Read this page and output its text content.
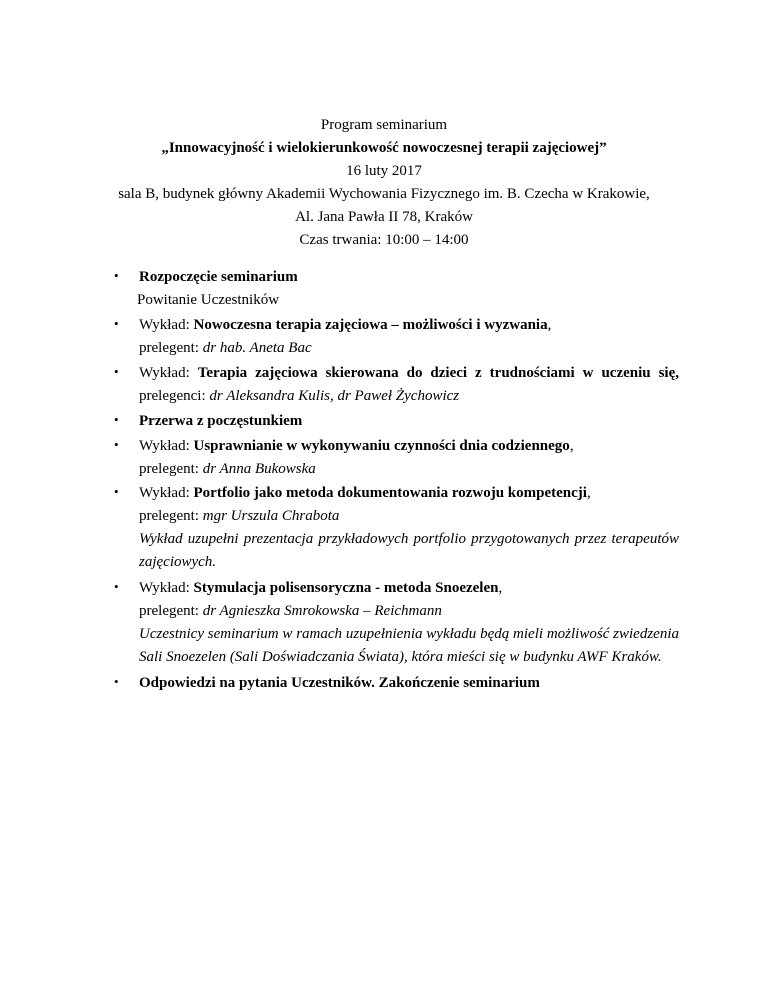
Program seminarium
„Innowacyjność i wielokierunkowość nowoczesnej terapii zajęciowej”
16 luty 2017
sala B, budynek główny Akademii Wychowania Fizycznego im. B. Czecha w Krakowie,
Al. Jana Pawła II 78, Kraków
Czas trwania: 10:00 – 14:00
•	Rozpoczęcie seminarium
Powitanie Uczestników
•	Wykład: Nowoczesna terapia zajęciowa – możliwości i wyzwania,
prelegent: dr hab. Aneta Bac
•	Wykład: Terapia zajęciowa skierowana do dzieci z trudnościami w uczeniu się,
prelegenci: dr Aleksandra Kulis, dr Paweł Żychowicz
•	Przerwa z poczęstunkiem
•	Wykład: Usprawnianie w wykonywaniu czynności dnia codziennego,
prelegent: dr Anna Bukowska
•	Wykład: Portfolio jako metoda dokumentowania rozwoju kompetencji,
prelegent: mgr Urszula Chrabota
Wykład uzupełni prezentacja przykładowych portfolio przygotowanych przez terapeutów
zajęciowych.
•	Wykład: Stymulacja polisensoryczna - metoda Snoezelen,
prelegent: dr Agnieszka Smrokowska – Reichmann
Uczestnicy seminarium w ramach uzupełnienia wykładu będą mieli możliwość zwiedzenia
Sali Snoezelen (Sali Doświadczania Świata), która mieści się w budynku AWF Kraków.
•	Odpowiedzi na pytania Uczestników. Zakończenie seminarium
